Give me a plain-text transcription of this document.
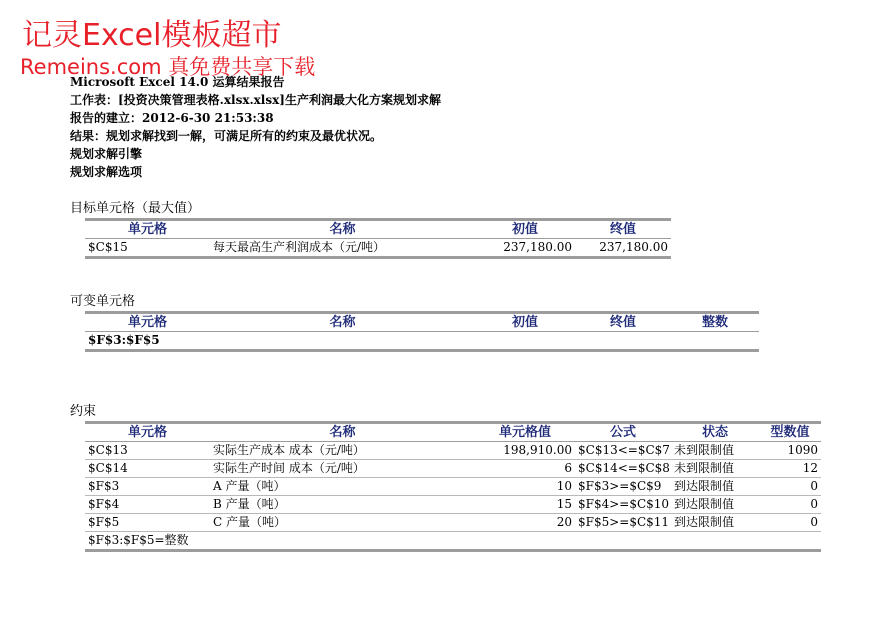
记灵Excel模板超市
Remeins.com 真免费共享下载
Microsoft Excel 14.0 运算结果报告
工作表：[投资决策管理表格.xlsx.xlsx]生产利润最大化方案规划求解
报告的建立：2012-6-30 21:53:38
结果：规划求解找到一解，可满足所有的约束及最优状况。
规划求解引擎
规划求解选项
目标单元格（最大值）
单元格	名称	初值	终值
$C$15	每天最高生产利润成本（元/吨）	237,180.00	237,180.00
可变单元格
单元格	名称	初值	终值	整数
$F$3:$F$5				
约束
单元格	名称	单元格值	公式	状态	型数值
$C$13	实际生产成本 成本（元/吨）	198,910.00	$C$13<=$C$7	未到限制值	1090
$C$14	实际生产时间 成本（元/吨）	6	$C$14<=$C$8	未到限制值	12
$F$3	A 产量（吨）	10	$F$3>=$C$9	到达限制值	0
$F$4	B 产量（吨）	15	$F$4>=$C$10	到达限制值	0
$F$5	C 产量（吨）	20	$F$5>=$C$11	到达限制值	0
$F$3:$F$5=整数					
